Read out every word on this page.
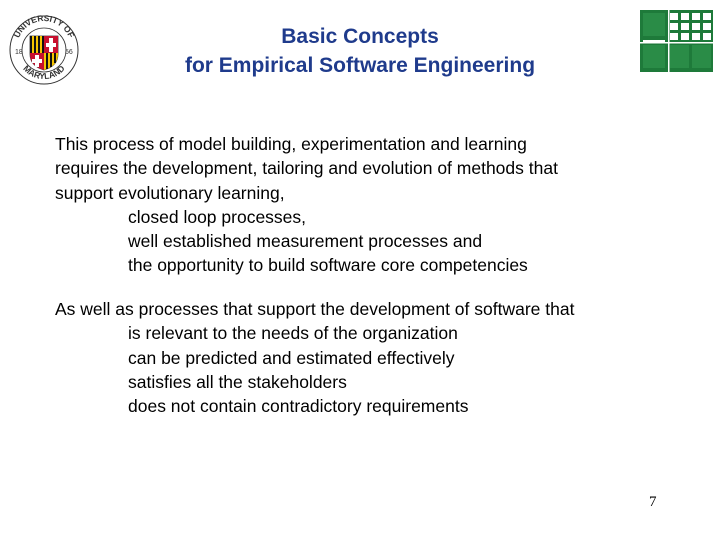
UNIVERSITY OF
MARYLAND
18	56
Basic Concepts
for Empirical Software Engineering
This process of model building, experimentation and learning
requires the development, tailoring and evolution of methods that
support evolutionary learning,
closed loop processes,
well established measurement processes and
the opportunity to build software core competencies
As well as processes that support the development of software that
is relevant to the needs of the organization
can be predicted and estimated effectively
satisfies all the stakeholders
does not contain contradictory requirements
7
